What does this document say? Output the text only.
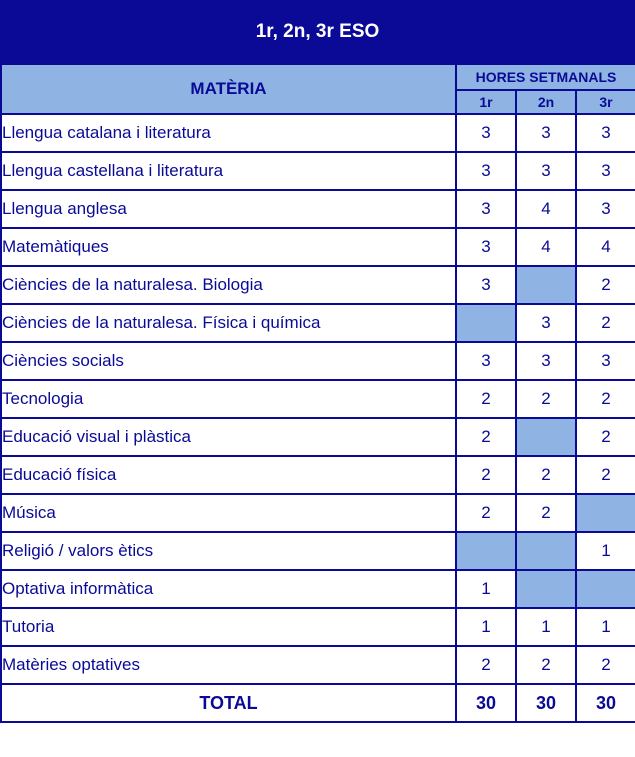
1r, 2n, 3r ESO
MATÈRIA	HORES SETMANALS		
	1r	2n	3r
Llengua catalana i literatura	3	3	3
Llengua castellana i literatura	3	3	3
Llengua anglesa	3	4	3
Matemàtiques	3	4	4
Ciències de la naturalesa. Biologia	3		2
Ciències de la naturalesa. Física i química		3	2
Ciències socials	3	3	3
Tecnologia	2	2	2
Educació visual i plàstica	2		2
Educació física	2	2	2
Música	2	2	
Religió / valors ètics			1
Optativa informàtica	1		
Tutoria	1	1	1
Matèries optatives	2	2	2
TOTAL	30	30	30
